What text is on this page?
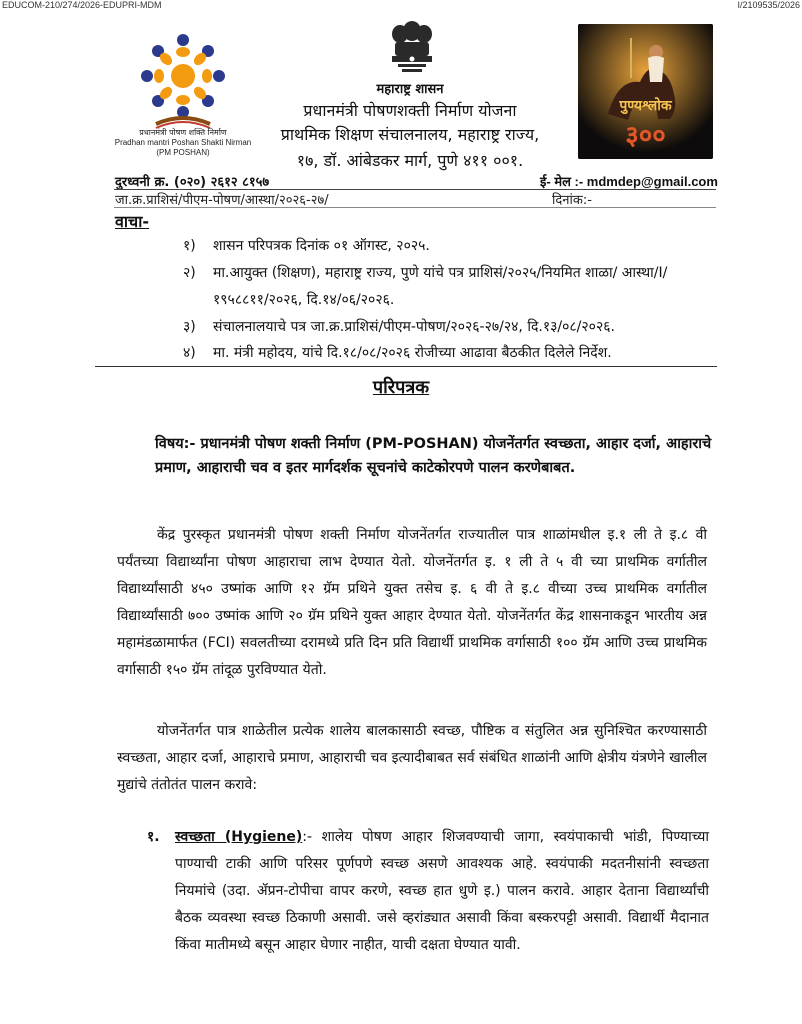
EDUCOM-210/274/2026-EDUPRI-MDM	I/2109535/2026
प्रधानमंत्री पोषण शक्ति निर्माण
Pradhan mantri Poshan Shakti Nirman
(PM POSHAN)
पुण्यश्लोक
३००
महाराष्ट्र शासन
प्रधानमंत्री पोषणशक्ती निर्माण योजना
प्राथमिक शिक्षण संचालनालय, महाराष्ट्र राज्य,
१७, डॉ. आंबेडकर मार्ग, पुणे ४११ ००१.
दुरध्वनी क्र. (०२०) २६१२ ८१५७	ई- मेल :- mdmdep@gmail.com
जा.क्र.प्राशिसं/पीएम-पोषण/आस्था/२०२६-२७/	दिनांक:-
वाचा-
१)	शासन परिपत्रक दिनांक ०१ ऑगस्ट, २०२५.
२)	मा.आयुक्त (शिक्षण), महाराष्ट्र राज्य, पुणे यांचे पत्र प्राशिसं/२०२५/नियमित शाळा/ आस्था/I/१९५८८११/२०२६, दि.१४/०६/२०२६.
३)	संचालनालयाचे पत्र जा.क्र.प्राशिसं/पीएम-पोषण/२०२६-२७/२४, दि.१३/०८/२०२६.
४)	मा. मंत्री महोदय, यांचे दि.१८/०८/२०२६ रोजीच्या आढावा बैठकीत दिलेले निर्देश.
परिपत्रक
विषय:- प्रधानमंत्री पोषण शक्ती निर्माण (PM-POSHAN) योजनेंतर्गत स्वच्छता, आहार दर्जा, आहाराचे प्रमाण, आहाराची चव व इतर मार्गदर्शक सूचनांचे काटेकोरपणे पालन करणेबाबत.
केंद्र पुरस्कृत प्रधानमंत्री पोषण शक्ती निर्माण योजनेंतर्गत राज्यातील पात्र शाळांमधील इ.१ ली ते इ.८ वी पर्यंतच्या विद्यार्थ्यांना पोषण आहाराचा लाभ देण्यात येतो. योजनेंतर्गत इ. १ ली ते ५ वी च्या प्राथमिक वर्गातील विद्यार्थ्यांसाठी ४५० उष्मांक आणि १२ ग्रॅम प्रथिने युक्त तसेच इ. ६ वी ते इ.८ वीच्या उच्च प्राथमिक वर्गातील विद्यार्थ्यांसाठी ७०० उष्मांक आणि २० ग्रॅम प्रथिने युक्त आहार देण्यात येतो. योजनेंतर्गत केंद्र शासनाकडून भारतीय अन्न महामंडळामार्फत (FCI) सवलतीच्या दरामध्ये प्रति दिन प्रति विद्यार्थी प्राथमिक वर्गासाठी १०० ग्रॅम आणि उच्च प्राथमिक वर्गासाठी १५० ग्रॅम तांदूळ पुरविण्यात येतो.
योजनेंतर्गत पात्र शाळेतील प्रत्येक शालेय बालकासाठी स्वच्छ, पौष्टिक व संतुलित अन्न सुनिश्चित करण्यासाठी स्वच्छता, आहार दर्जा, आहाराचे प्रमाण, आहाराची चव इत्यादीबाबत सर्व संबंधित शाळांनी आणि क्षेत्रीय यंत्रणेने खालील मुद्यांचे तंतोतंत पालन करावे:
१. स्वच्छता (Hygiene):- शालेय पोषण आहार शिजवण्याची जागा, स्वयंपाकाची भांडी, पिण्याच्या पाण्याची टाकी आणि परिसर पूर्णपणे स्वच्छ असणे आवश्यक आहे. स्वयंपाकी मदतनीसांनी स्वच्छता नियमांचे (उदा. ॲप्रन-टोपीचा वापर करणे, स्वच्छ हात धुणे इ.) पालन करावे. आहार देताना विद्यार्थ्यांची बैठक व्यवस्था स्वच्छ ठिकाणी असावी. जसे व्हरांड्यात असावी किंवा बस्करपट्टी असावी. विद्यार्थी मैदानात किंवा मातीमध्ये बसून आहार घेणार नाहीत, याची दक्षता घेण्यात यावी.
